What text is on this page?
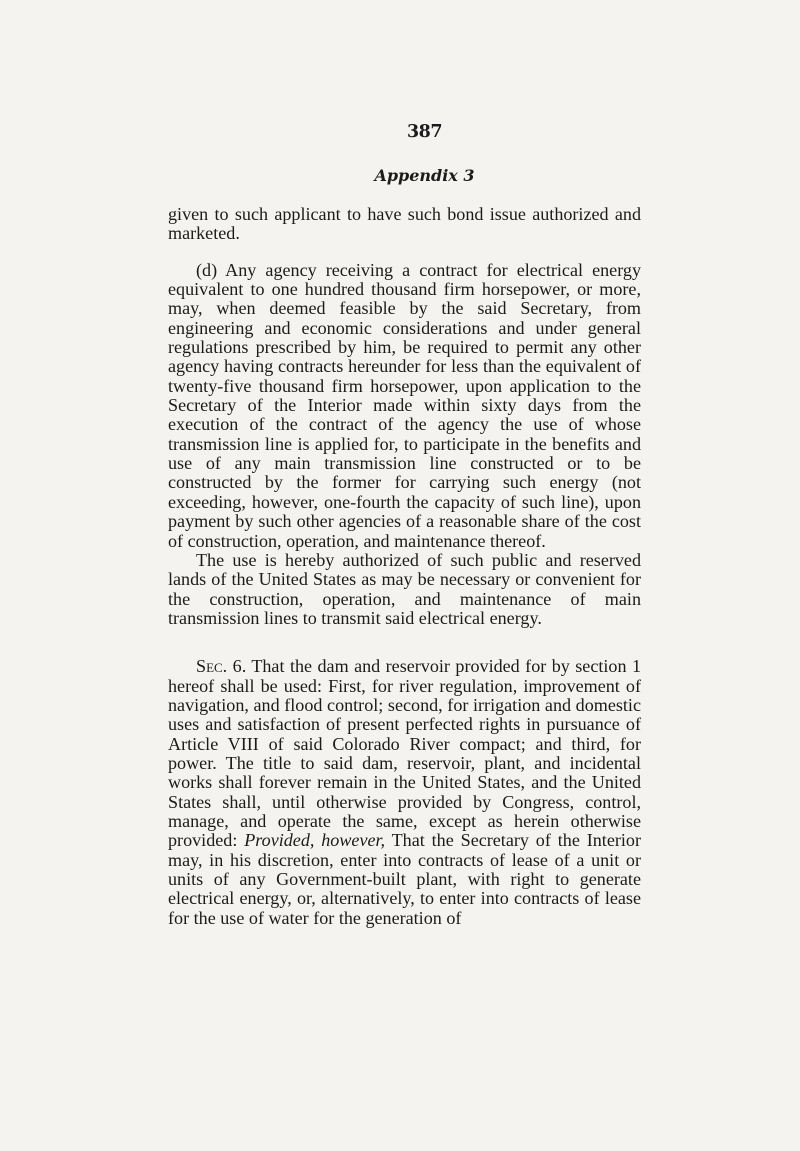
387
Appendix 3

given to such applicant to have such bond issue authorized and marketed.

(d) Any agency receiving a contract for electrical energy equivalent to one hundred thousand firm horsepower, or more, may, when deemed feasible by the said Secretary, from engineering and economic considerations and under general regulations prescribed by him, be required to permit any other agency having contracts hereunder for less than the equivalent of twenty-five thousand firm horsepower, upon application to the Secretary of the Interior made within sixty days from the execution of the contract of the agency the use of whose transmission line is applied for, to participate in the benefits and use of any main transmission line constructed or to be constructed by the former for carrying such energy (not exceeding, however, one-fourth the capacity of such line), upon payment by such other agencies of a reasonable share of the cost of construction, operation, and maintenance thereof.

The use is hereby authorized of such public and reserved lands of the United States as may be necessary or convenient for the construction, operation, and maintenance of main transmission lines to transmit said electrical energy.

Sec. 6. That the dam and reservoir provided for by section 1 hereof shall be used: First, for river regulation, improvement of navigation, and flood control; second, for irrigation and domestic uses and satisfaction of present perfected rights in pursuance of Article VIII of said Colorado River compact; and third, for power. The title to said dam, reservoir, plant, and incidental works shall forever remain in the United States, and the United States shall, until otherwise provided by Congress, control, manage, and operate the same, except as herein otherwise provided: Provided, however, That the Secretary of the Interior may, in his discretion, enter into contracts of lease of a unit or units of any Government-built plant, with right to generate electrical energy, or, alternatively, to enter into contracts of lease for the use of water for the generation of
